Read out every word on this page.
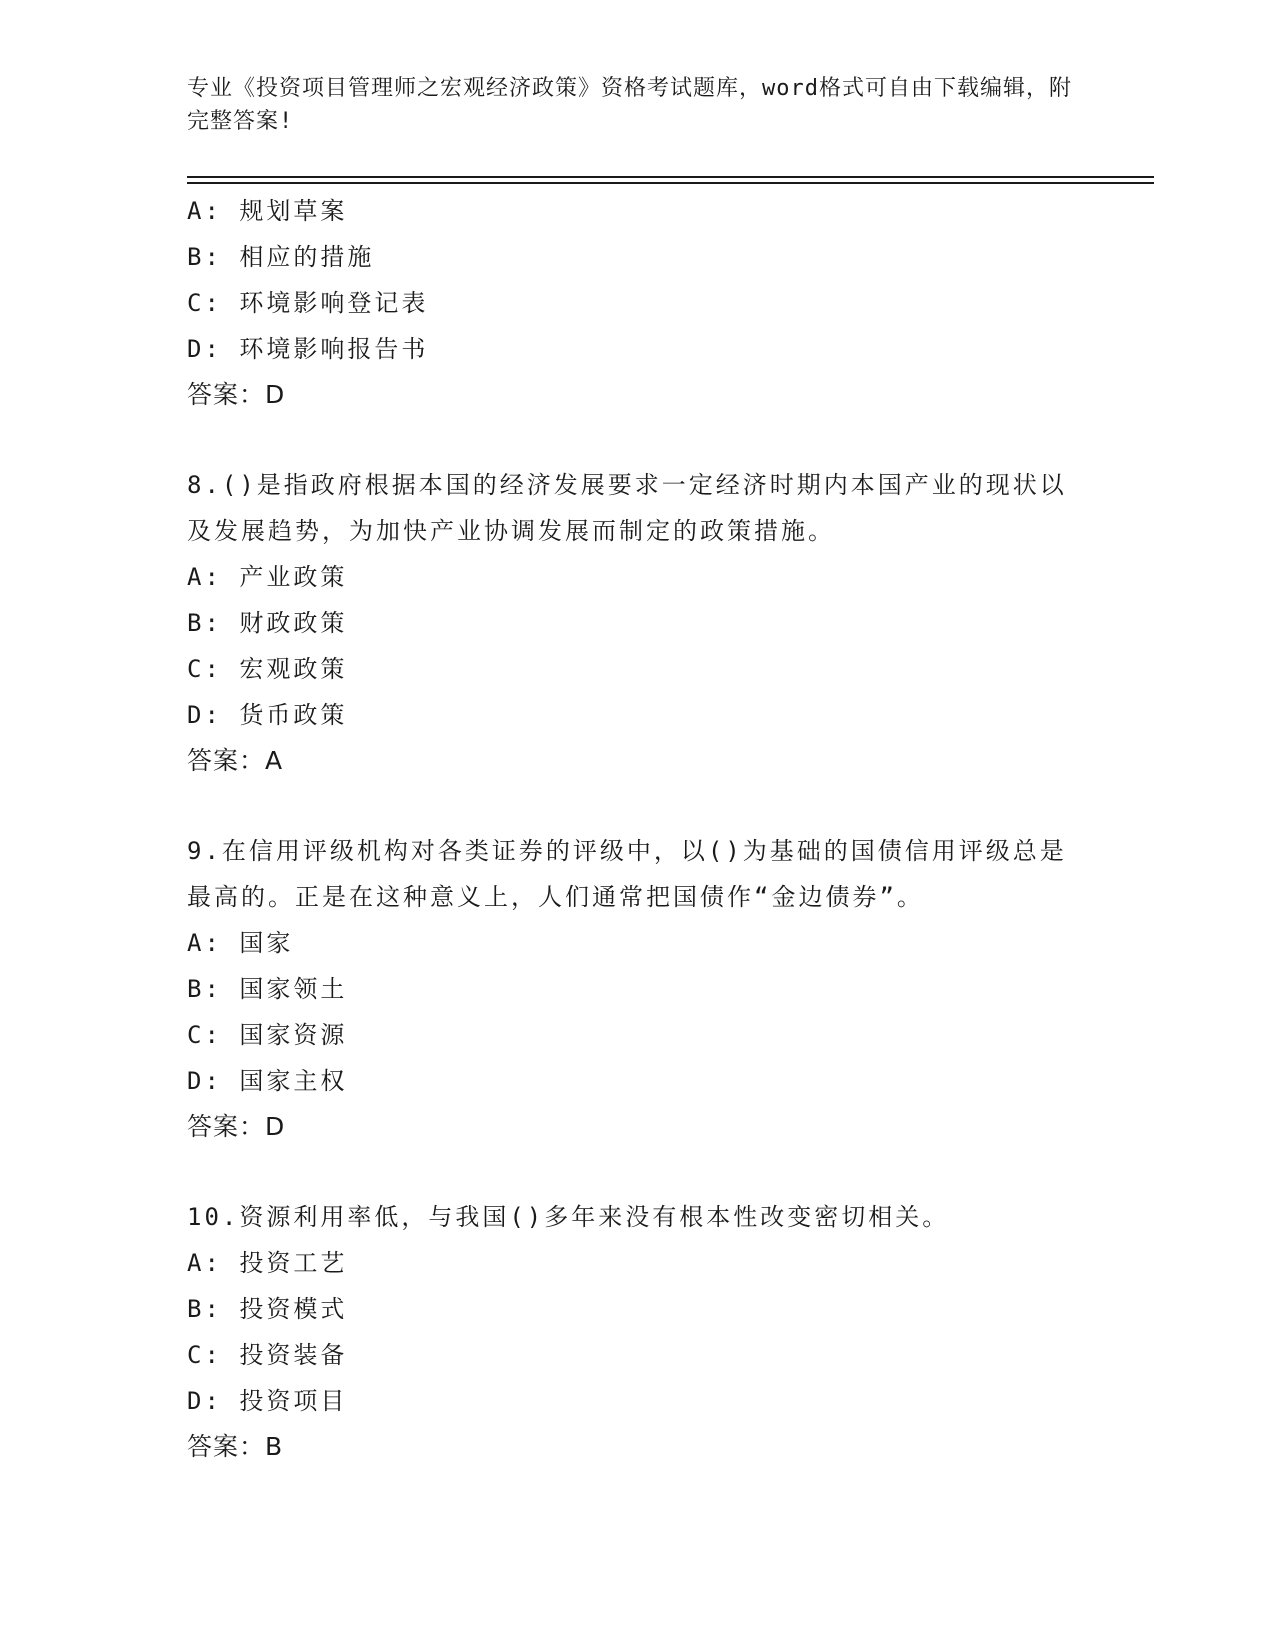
专业《投资项目管理师之宏观经济政策》资格考试题库，word格式可自由下载编辑，附完整答案!
A: 规划草案
B: 相应的措施
C: 环境影响登记表
D: 环境影响报告书
答案：D
8.()是指政府根据本国的经济发展要求一定经济时期内本国产业的现状以及发展趋势，为加快产业协调发展而制定的政策措施。
A: 产业政策
B: 财政政策
C: 宏观政策
D: 货币政策
答案：A
9.在信用评级机构对各类证券的评级中，以()为基础的国债信用评级总是最高的。正是在这种意义上，人们通常把国债作“金边债券”。
A: 国家
B: 国家领土
C: 国家资源
D: 国家主权
答案：D
10.资源利用率低，与我国()多年来没有根本性改变密切相关。
A: 投资工艺
B: 投资模式
C: 投资装备
D: 投资项目
答案：B
